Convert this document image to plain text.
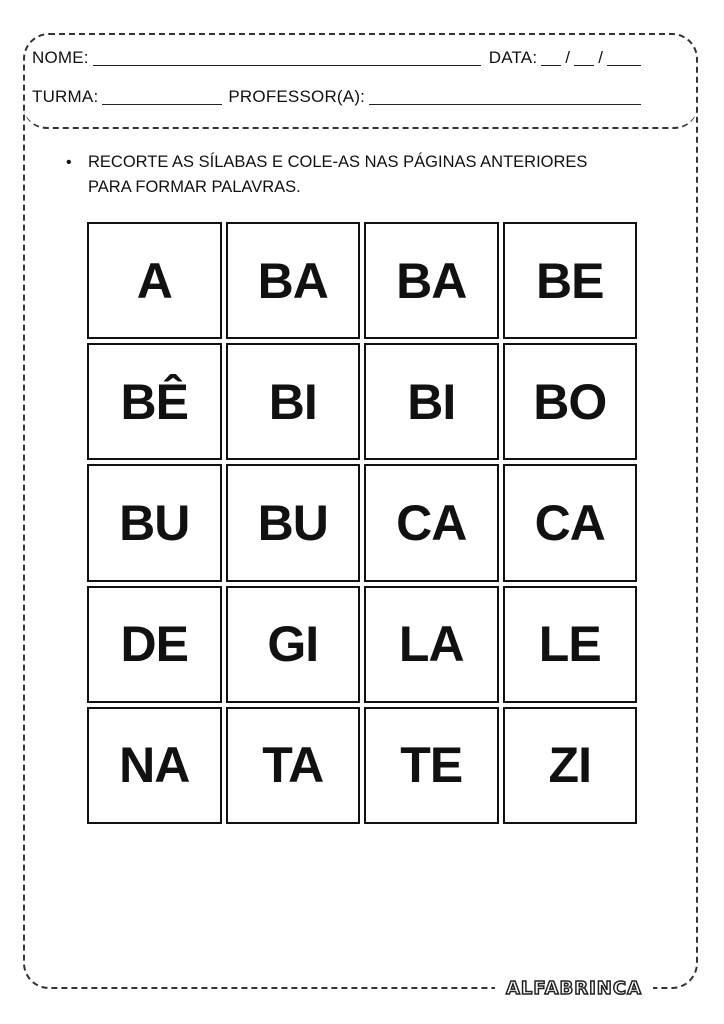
NOME:	DATA: / /
TURMA:	PROFESSOR(A):
• RECORTE AS SÍLABAS E COLE-AS NAS PÁGINAS ANTERIORES
PARA FORMAR PALAVRAS.
A	BA	BA	BE
BÊ	BI	BI	BO
BU	BU	CA	CA
DE	GI	LA	LE
NA	TA	TE	ZI
ALFABRINCA
